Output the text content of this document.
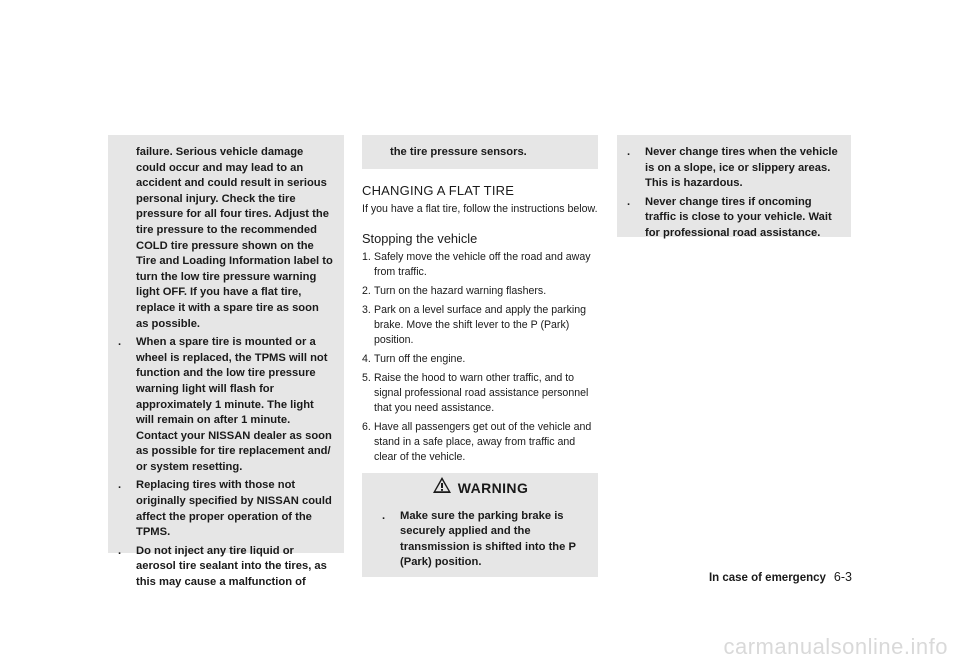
failure. Serious vehicle damage could occur and may lead to an accident and could result in serious personal injury. Check the tire pressure for all four tires. Adjust the tire pressure to the recommended COLD tire pressure shown on the Tire and Loading Information label to turn the low tire pressure warning light OFF. If you have a flat tire, replace it with a spare tire as soon as possible.

. When a spare tire is mounted or a wheel is replaced, the TPMS will not function and the low tire pressure warning light will flash for approximately 1 minute. The light will remain on after 1 minute. Contact your NISSAN dealer as soon as possible for tire replacement and/ or system resetting.
. Replacing tires with those not originally specified by NISSAN could affect the proper operation of the TPMS.
. Do not inject any tire liquid or aerosol tire sealant into the tires, as this may cause a malfunction of
the tire pressure sensors.
CHANGING A FLAT TIRE

If you have a flat tire, follow the instructions below.

Stopping the vehicle
1. Safely move the vehicle off the road and away from traffic.
2. Turn on the hazard warning flashers.
3. Park on a level surface and apply the parking brake. Move the shift lever to the P (Park) position.
4. Turn off the engine.
5. Raise the hood to warn other traffic, and to signal professional road assistance personnel that you need assistance.
6. Have all passengers get out of the vehicle and stand in a safe place, away from traffic and clear of the vehicle.
WARNING
. Make sure the parking brake is securely applied and the transmission is shifted into the P (Park) position.
. Never change tires when the vehicle is on a slope, ice or slippery areas. This is hazardous.
. Never change tires if oncoming traffic is close to your vehicle. Wait for professional road assistance.
In case of emergency 6-3
carmanualsonline.info
